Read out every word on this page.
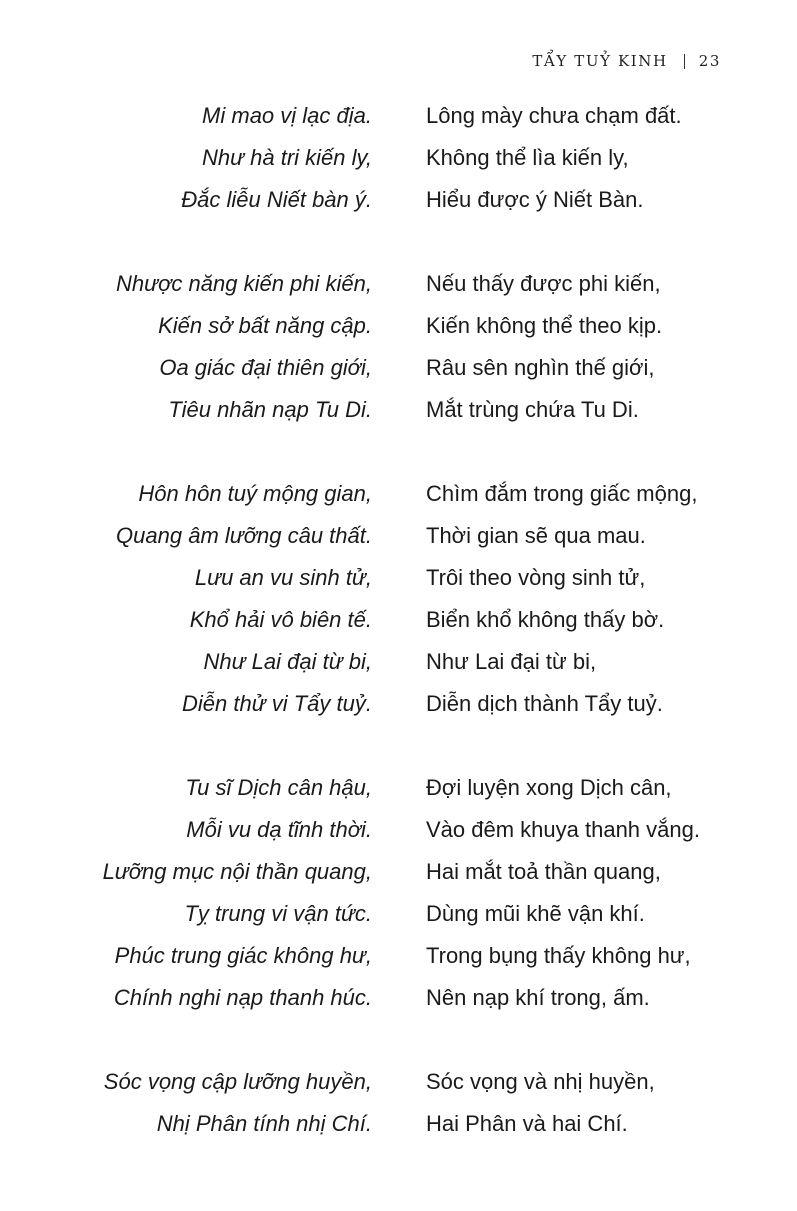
TẨY TUỶ KINH 23
Mi mao vị lạc địa. Lông mày chưa chạm đất.
Như hà tri kiến ly, Không thể lìa kiến ly,
Đắc liễu Niết bàn ý. Hiểu được ý Niết Bàn.
Nhược năng kiến phi kiến, Nếu thấy được phi kiến,
Kiến sở bất năng cập. Kiến không thể theo kịp.
Oa giác đại thiên giới, Râu sên nghìn thế giới,
Tiêu nhãn nạp Tu Di. Mắt trùng chứa Tu Di.
Hôn hôn tuý mộng gian, Chìm đắm trong giấc mộng,
Quang âm lưỡng câu thất. Thời gian sẽ qua mau.
Lưu an vu sinh tử, Trôi theo vòng sinh tử,
Khổ hải vô biên tế. Biển khổ không thấy bờ.
Như Lai đại từ bi, Như Lai đại từ bi,
Diễn thử vi Tẩy tuỷ. Diễn dịch thành Tẩy tuỷ.
Tu sĩ Dịch cân hậu, Đợi luyện xong Dịch cân,
Mỗi vu dạ tĩnh thời. Vào đêm khuya thanh vắng.
Lưỡng mục nội thần quang, Hai mắt toả thần quang,
Tỵ trung vi vận tức. Dùng mũi khẽ vận khí.
Phúc trung giác không hư, Trong bụng thấy không hư,
Chính nghi nạp thanh húc. Nên nạp khí trong, ấm.
Sóc vọng cập lưỡng huyền, Sóc vọng và nhị huyền,
Nhị Phân tính nhị Chí. Hai Phân và hai Chí.
